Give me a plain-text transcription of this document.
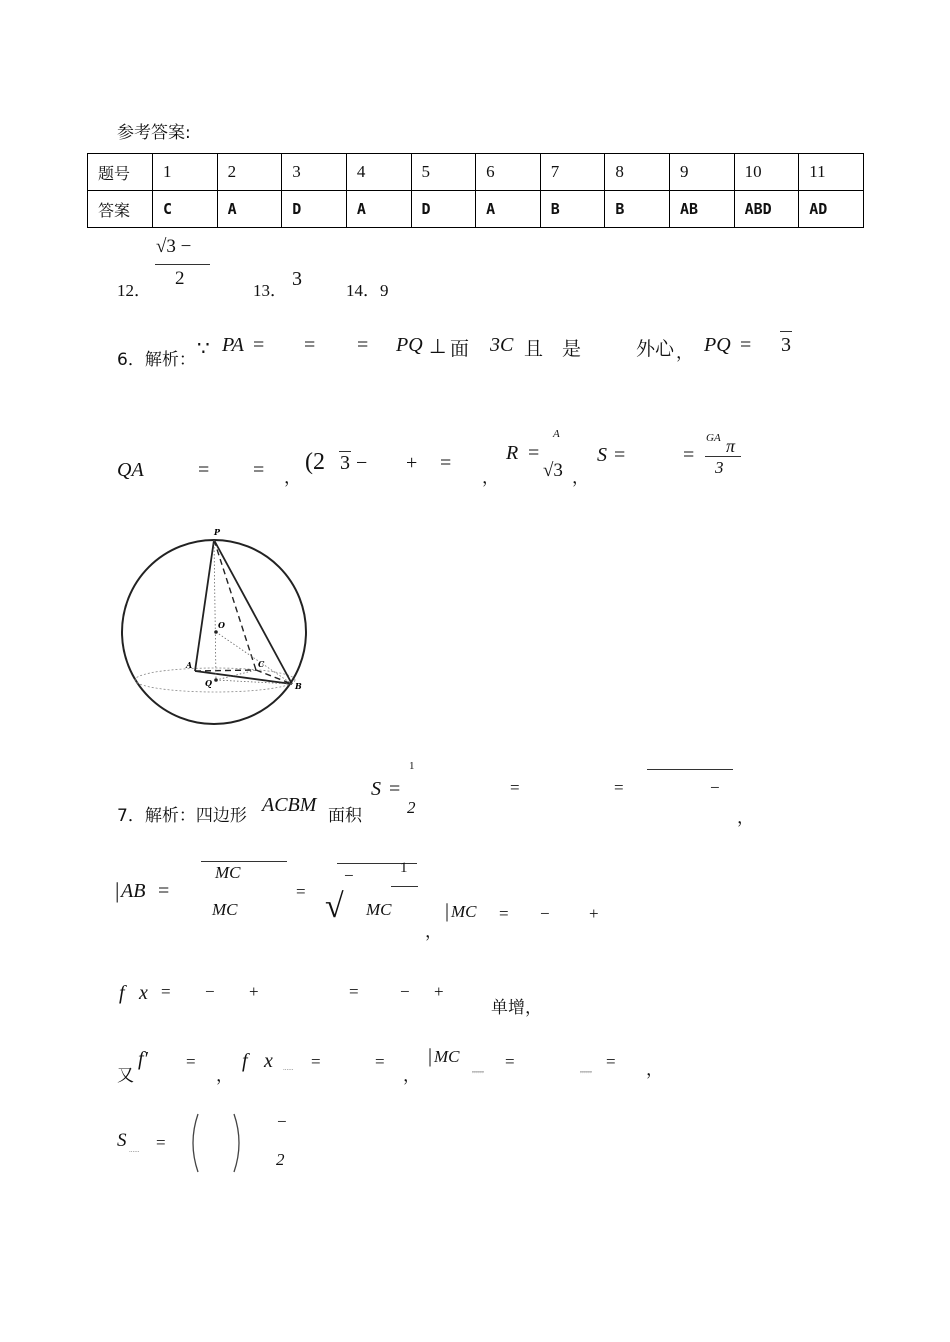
参考答案:
题号	1	2	3	4	5	6	7	8	9	10	11
答案	C	A	D	A	D	A	B	B	AB	ABD	AD
12．
√3 −
2
13．
3
14．9
6．解析： ∵ PA = = = PQ ⊥ 面 3C 且 是	外心 ， PQ = 3
QA	= = ，
(2 3 − + =
，
R =
A
√3 ，
S =	=
GA π
3
P
O
A	C
Q	B
7．解析：四边形 ACBM 面积
S =
1
2
=	=	−
，
| AB =
MC
MC
= √
−	1
MC
，
| MC = − +
f x = − +	= − +
单增，
又
f′ =
，
f x ...... =	=
，
| MC
,,,,,, =	,,,,,, = ，
S ...... =
−
2
